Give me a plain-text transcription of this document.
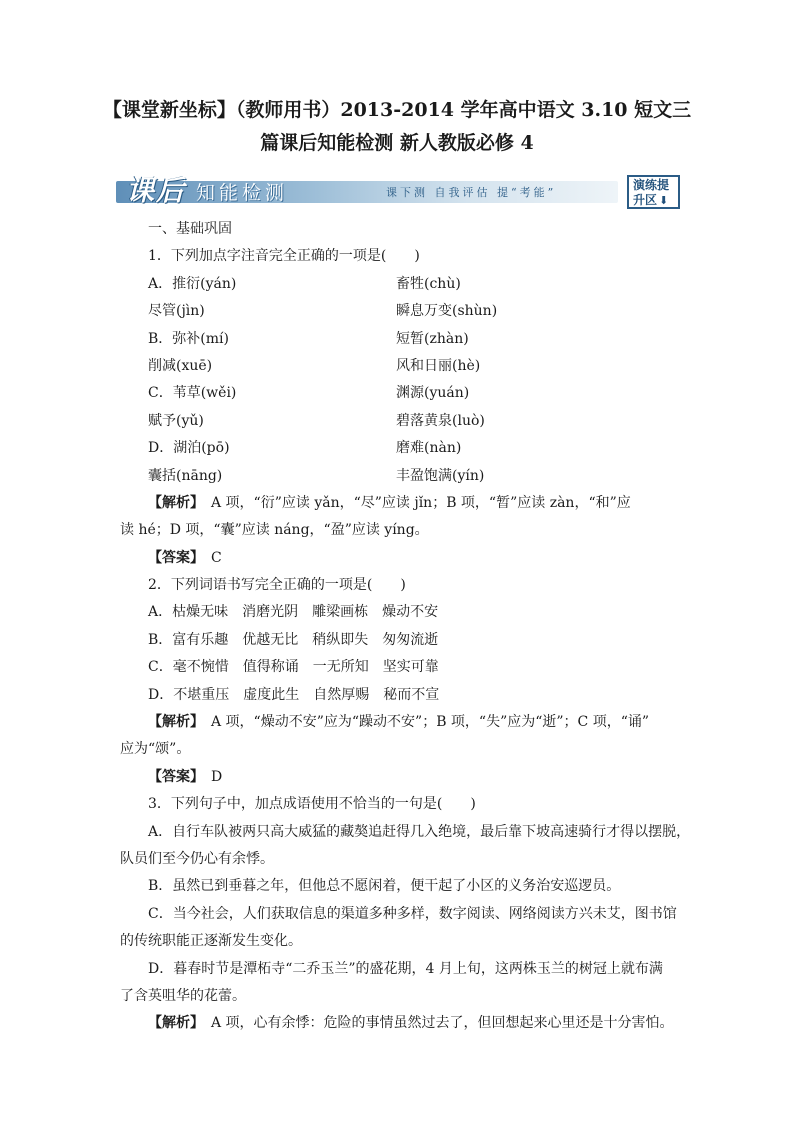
【课堂新坐标】（教师用书）2013-2014 学年高中语文 3.10 短文三
篇课后知能检测 新人教版必修 4
课后 知能检测	课下测 自我评估 提“考能”
演练提
升区 ⬇
一、基础巩固
1．下列加点字注音完全正确的一项是(　　)
A．推衍(yán)	畜牲(chù)
尽管(jìn)	瞬息万变(shùn)
B．弥补(mí)	短暂(zhàn)
削减(xuē)	风和日丽(hè)
C．苇草(wěi)	渊源(yuán)
赋予(yǔ)	碧落黄泉(luò)
D．湖泊(pō)	磨难(nàn)
囊括(nāng)	丰盈饱满(yín)
【解析】　A 项，“衍”应读 yǎn，“尽”应读 jǐn；B 项，“暂”应读 zàn，“和”应
读 hé；D 项，“囊”应读 náng，“盈”应读 yíng。
【答案】　C
2．下列词语书写完全正确的一项是(　　)
A．枯燥无味　消磨光阴　雕梁画栋　燥动不安
B．富有乐趣　优越无比　稍纵即失　匆匆流逝
C．毫不惋惜　值得称诵　一无所知　坚实可靠
D．不堪重压　虚度此生　自然厚赐　秘而不宣
【解析】　A 项，“燥动不安”应为“躁动不安”；B 项，“失”应为“逝”；C 项，“诵”
应为“颂”。
【答案】　D
3．下列句子中，加点成语使用不恰当的一句是(　　)
A．自行车队被两只高大威猛的藏獒追赶得几入绝境，最后靠下坡高速骑行才得以摆脱，
队员们至今仍心有余悸。
B．虽然已到垂暮之年，但他总不愿闲着，便干起了小区的义务治安巡逻员。
C．当今社会，人们获取信息的渠道多种多样，数字阅读、网络阅读方兴未艾，图书馆
的传统职能正逐渐发生变化。
D．暮春时节是潭柘寺“二乔玉兰”的盛花期，4 月上旬，这两株玉兰的树冠上就布满
了含英咀华的花蕾。
【解析】　A 项，心有余悸：危险的事情虽然过去了，但回想起来心里还是十分害怕。
